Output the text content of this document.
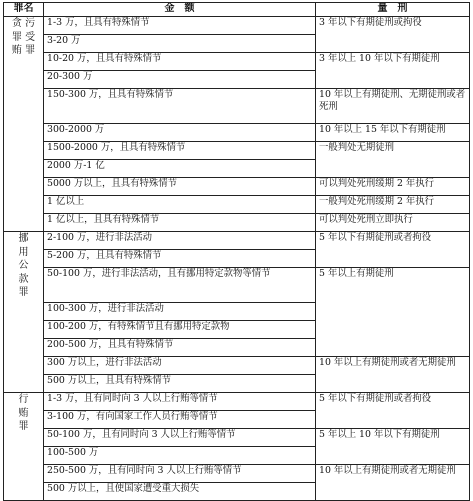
罪名	金　额	量　刑

贪 污
罪 受
贿 罪	1-3 万，且具有特殊情节	3 年以下有期徒刑或拘役
	3-20 万	
	10-20 万，且具有特殊情节	3 年以上 10 年以下有期徒刑
	20-300 万	
	150-300 万，且具有特殊情节	10 年以上有期徒刑、无期徒刑或者死刑
	300-2000 万	10 年以上 15 年以下有期徒刑
	1500-2000 万，且具有特殊情节	一般判处无期徒刑
	2000 万-1 亿	
	5000 万以上，且具有特殊情节	可以判处死刑缓期 2 年执行
	1 亿以上	一般判处死刑缓期 2 年执行
	1 亿以上，且具有特殊情节	可以判处死刑立即执行

挪
用
公
款
罪	2-100 万，进行非法活动	5 年以下有期徒刑或者拘役
	5-200 万，且具有特殊情节	
	50-100 万，进行非法活动，且有挪用特定款物等情节	5 年以上有期徒刑
	100-300 万，进行非法活动	
	100-200 万，有特殊情节且有挪用特定款物	
	200-500 万，且具有特殊情节	
	300 万以上，进行非法活动	10 年以上有期徒刑或者无期徒刑
	500 万以上，且具有特殊情节	

行
贿
罪	1-3 万，且有同时向 3 人以上行贿等情节	5 年以下有期徒刑或者拘役
	3-100 万，有向国家工作人员行贿等情节	
	50-100 万，且有同时向 3 人以上行贿等情节	5 年以上 10 年以下有期徒刑
	100-500 万	
	250-500 万，且有同时向 3 人以上行贿等情节	10 年以上有期徒刑或者无期徒刑
	500 万以上，且使国家遭受重大损失	
